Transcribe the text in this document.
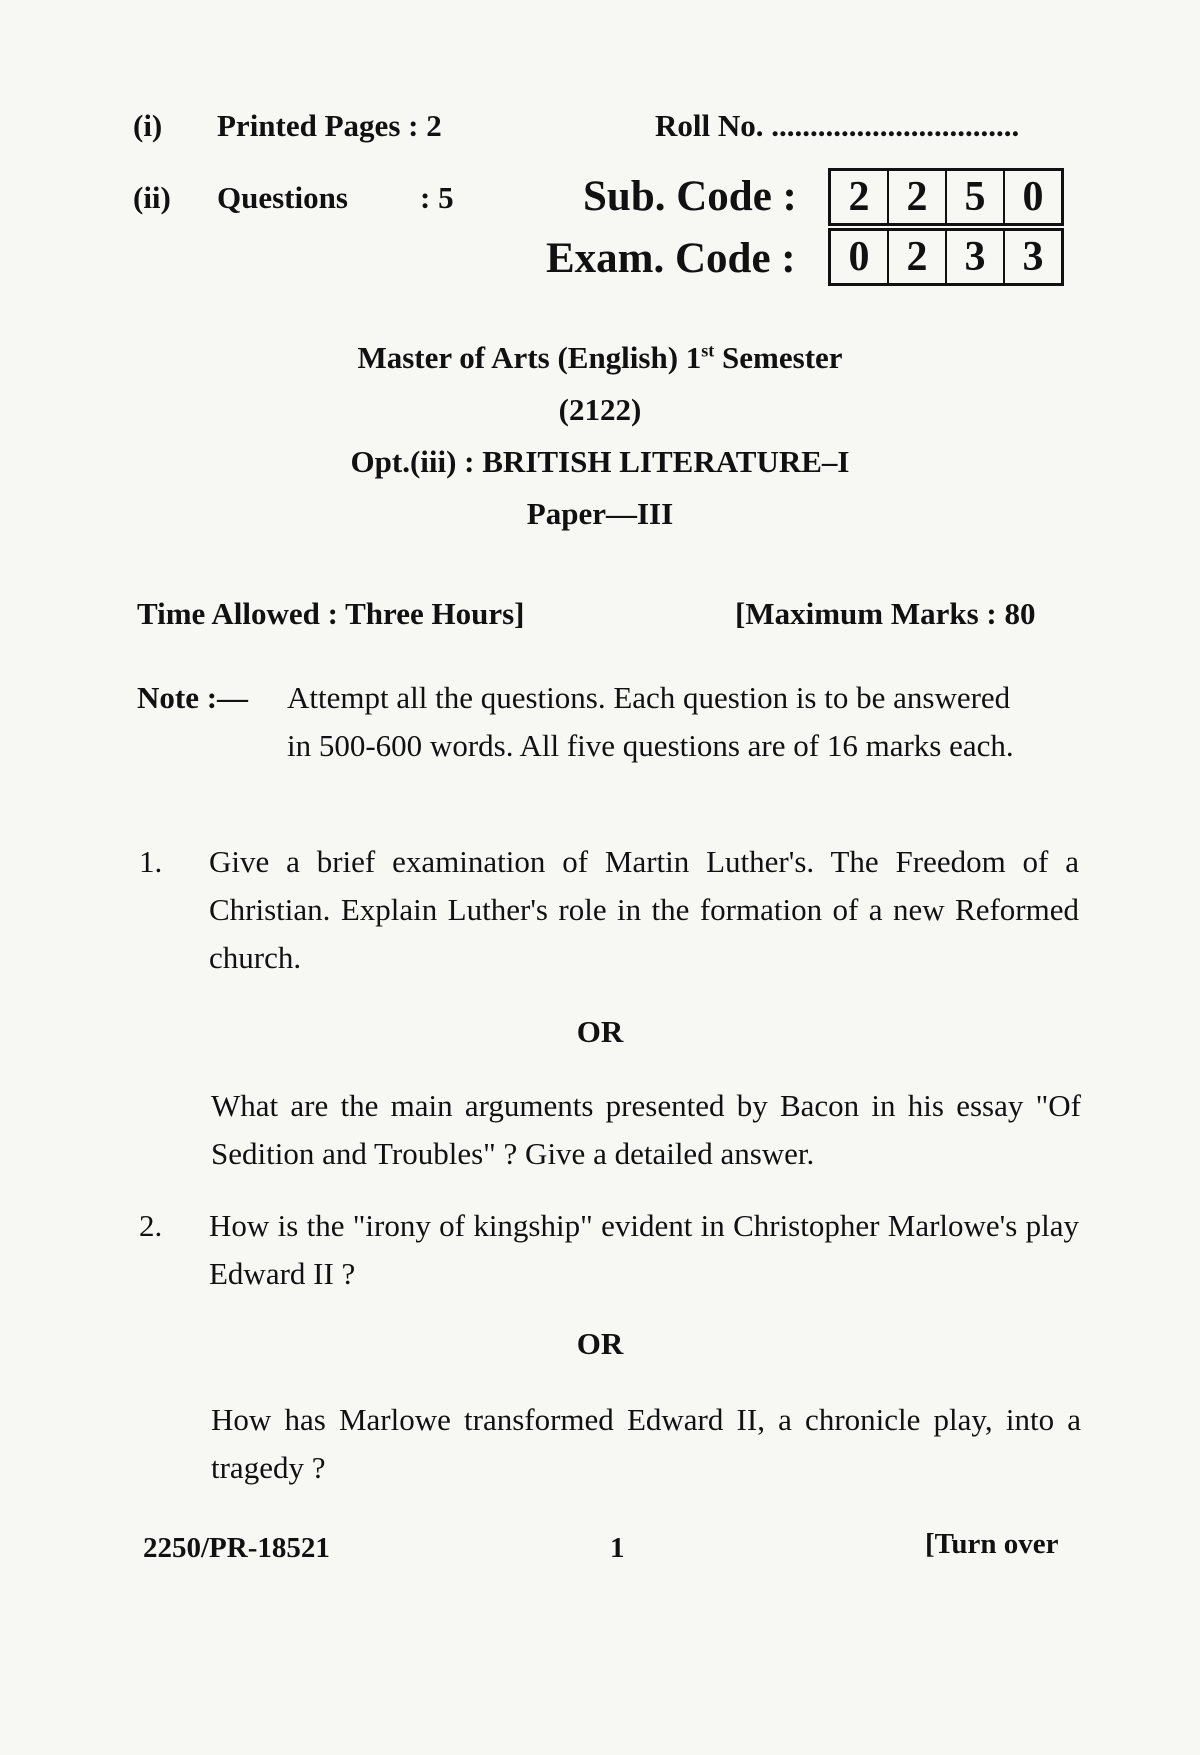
(i) Printed Pages : 2	Roll No. ................................
(ii) Questions : 5	Sub. Code :	2 2 5 0
Exam. Code :	0 2 3 3
Master of Arts (English) 1st Semester
(2122)
Opt.(iii) : BRITISH LITERATURE–I
Paper—III
Time Allowed : Three Hours]	[Maximum Marks : 80
Note :— Attempt all the questions. Each question is to be answered
in 500-600 words. All five questions are of 16 marks each.
1. Give a brief examination of Martin Luther's. The Freedom of a Christian. Explain Luther's role in the formation of a new Reformed church.
OR
What are the main arguments presented by Bacon in his essay "Of Sedition and Troubles" ? Give a detailed answer.
2. How is the "irony of kingship" evident in Christopher Marlowe's play Edward II ?
OR
How has Marlowe transformed Edward II, a chronicle play, into a tragedy ?
2250/PR-18521	1	[Turn over
